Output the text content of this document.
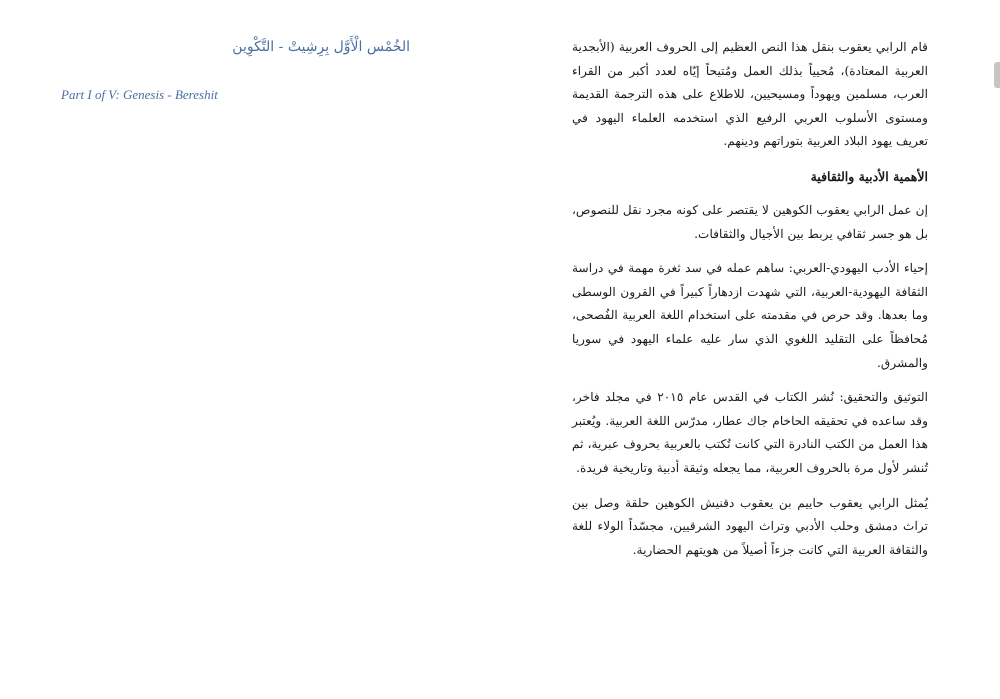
الخُمْس الْأَوَّل بِرِشِيتْ - التَّكْوِين

Part I of V: Genesis - Bereshit

قام الرابي يعقوب بنقل هذا النص العظيم إلى الحروف العربية (الأبجدية العربية المعتادة)، مُحيياً بذلك العمل ومُتيحاً إيّاه لعدد أكبر من القراء العرب، مسلمين ويهوداً ومسيحيين، للاطلاع على هذه الترجمة القديمة ومستوى الأسلوب العربي الرفيع الذي استخدمه العلماء اليهود في تعريف يهود البلاد العربية بتوراتهم ودينهم.

الأهمية الأدبية والثقافية

إن عمل الرابي يعقوب الكوهين لا يقتصر على كونه مجرد نقل للنصوص، بل هو جسر ثقافي يربط بين الأجيال والثقافات.

إحياء الأدب اليهودي-العربي: ساهم عمله في سد ثغرة مهمة في دراسة الثقافة اليهودية-العربية، التي شهدت ازدهاراً كبيراً في القرون الوسطى وما بعدها. وقد حرص في مقدمته على استخدام اللغة العربية الفُصحى، مُحافظاً على التقليد اللغوي الذي سار عليه علماء اليهود في سوريا والمشرق.

التوثيق والتحقيق: نُشر الكتاب في القدس عام ٢٠١٥ في مجلد فاخر، وقد ساعده في تحقيقه الحاخام جاك عطار، مدرّس اللغة العربية. ويُعتبر هذا العمل من الكتب النادرة التي كانت تُكتب بالعربية بحروف عبرية، ثم تُنشر لأول مرة بالحروف العربية، مما يجعله وثيقة أدبية وتاريخية فريدة.

يُمثل الرابي يعقوب حاييم بن يعقوب دقنيش الكوهين حلقة وصل بين تراث دمشق وحلب الأدبي وتراث اليهود الشرقيين، مجسّداً الولاء للغة والثقافة العربية التي كانت جزءاً أصيلاً من هويتهم الحضارية.
